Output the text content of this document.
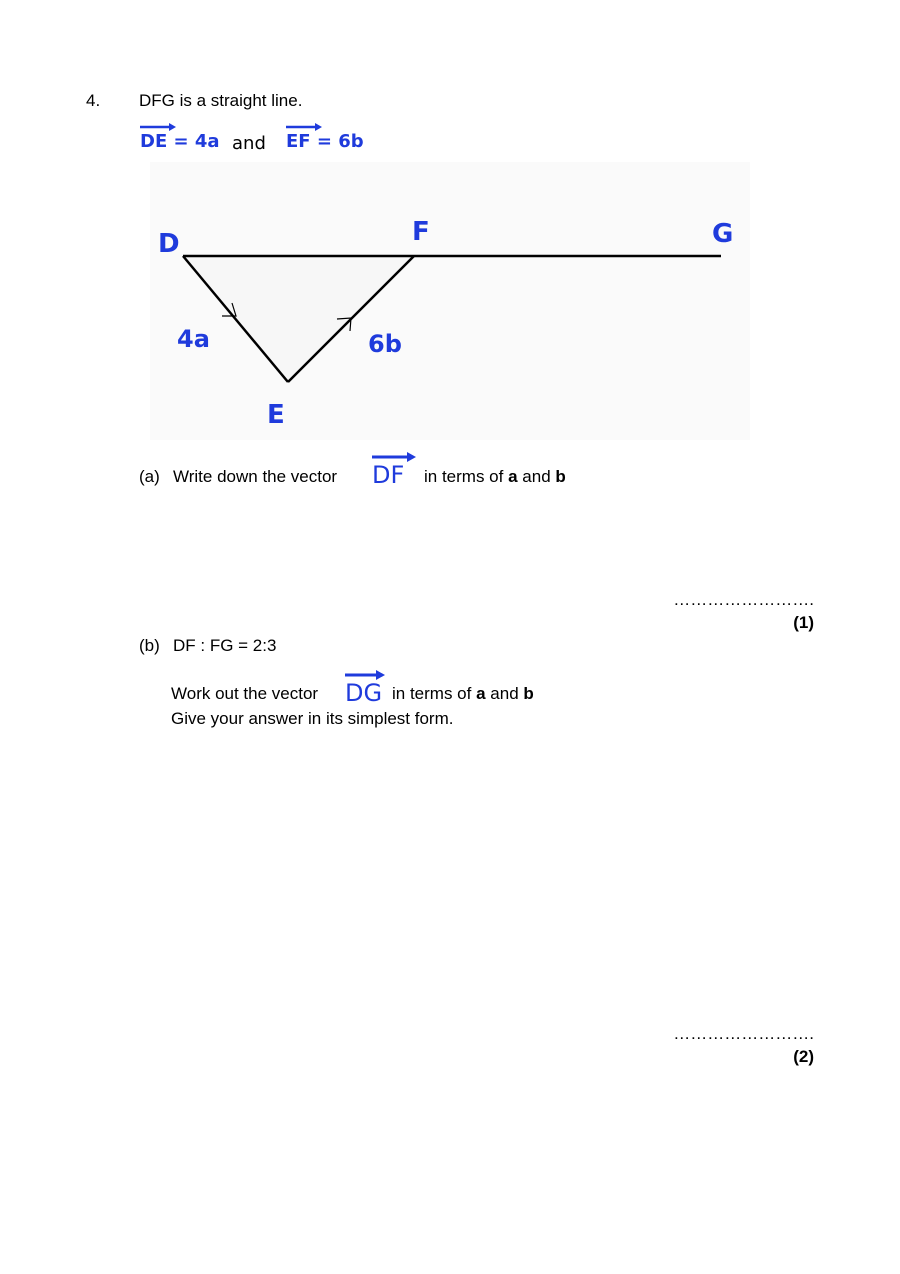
4. DFG is a straight line.
DE = 4a and EF = 6b
D	F	G
E
4a	6b
(a) Write down the vector DF in terms of a and b
…………………….
(1)
(b) DF : FG = 2:3
Work out the vector DG in terms of a and b
Give your answer in its simplest form.
…………………….
(2)
